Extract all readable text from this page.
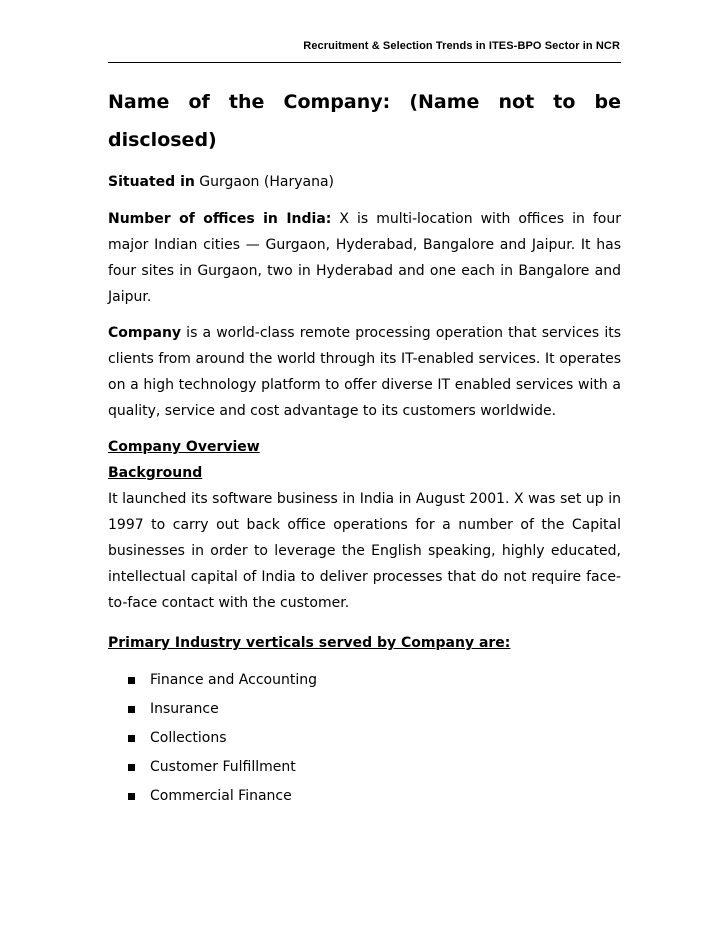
Recruitment & Selection Trends in ITES-BPO Sector in NCR
Name of the Company: (Name not to be disclosed)

Situated in Gurgaon (Haryana)

Number of offices in India: X is multi-location with offices in four major Indian cities — Gurgaon, Hyderabad, Bangalore and Jaipur. It has four sites in Gurgaon, two in Hyderabad and one each in Bangalore and Jaipur.

Company is a world-class remote processing operation that services its clients from around the world through its IT-enabled services. It operates on a high technology platform to offer diverse IT enabled services with a quality, service and cost advantage to its customers worldwide.

Company Overview

Background

It launched its software business in India in August 2001. X was set up in 1997 to carry out back office operations for a number of the Capital businesses in order to leverage the English speaking, highly educated, intellectual capital of India to deliver processes that do not require face-to-face contact with the customer.

Primary Industry verticals served by Company are:

Finance and Accounting
Insurance
Collections
Customer Fulfillment
Commercial Finance
